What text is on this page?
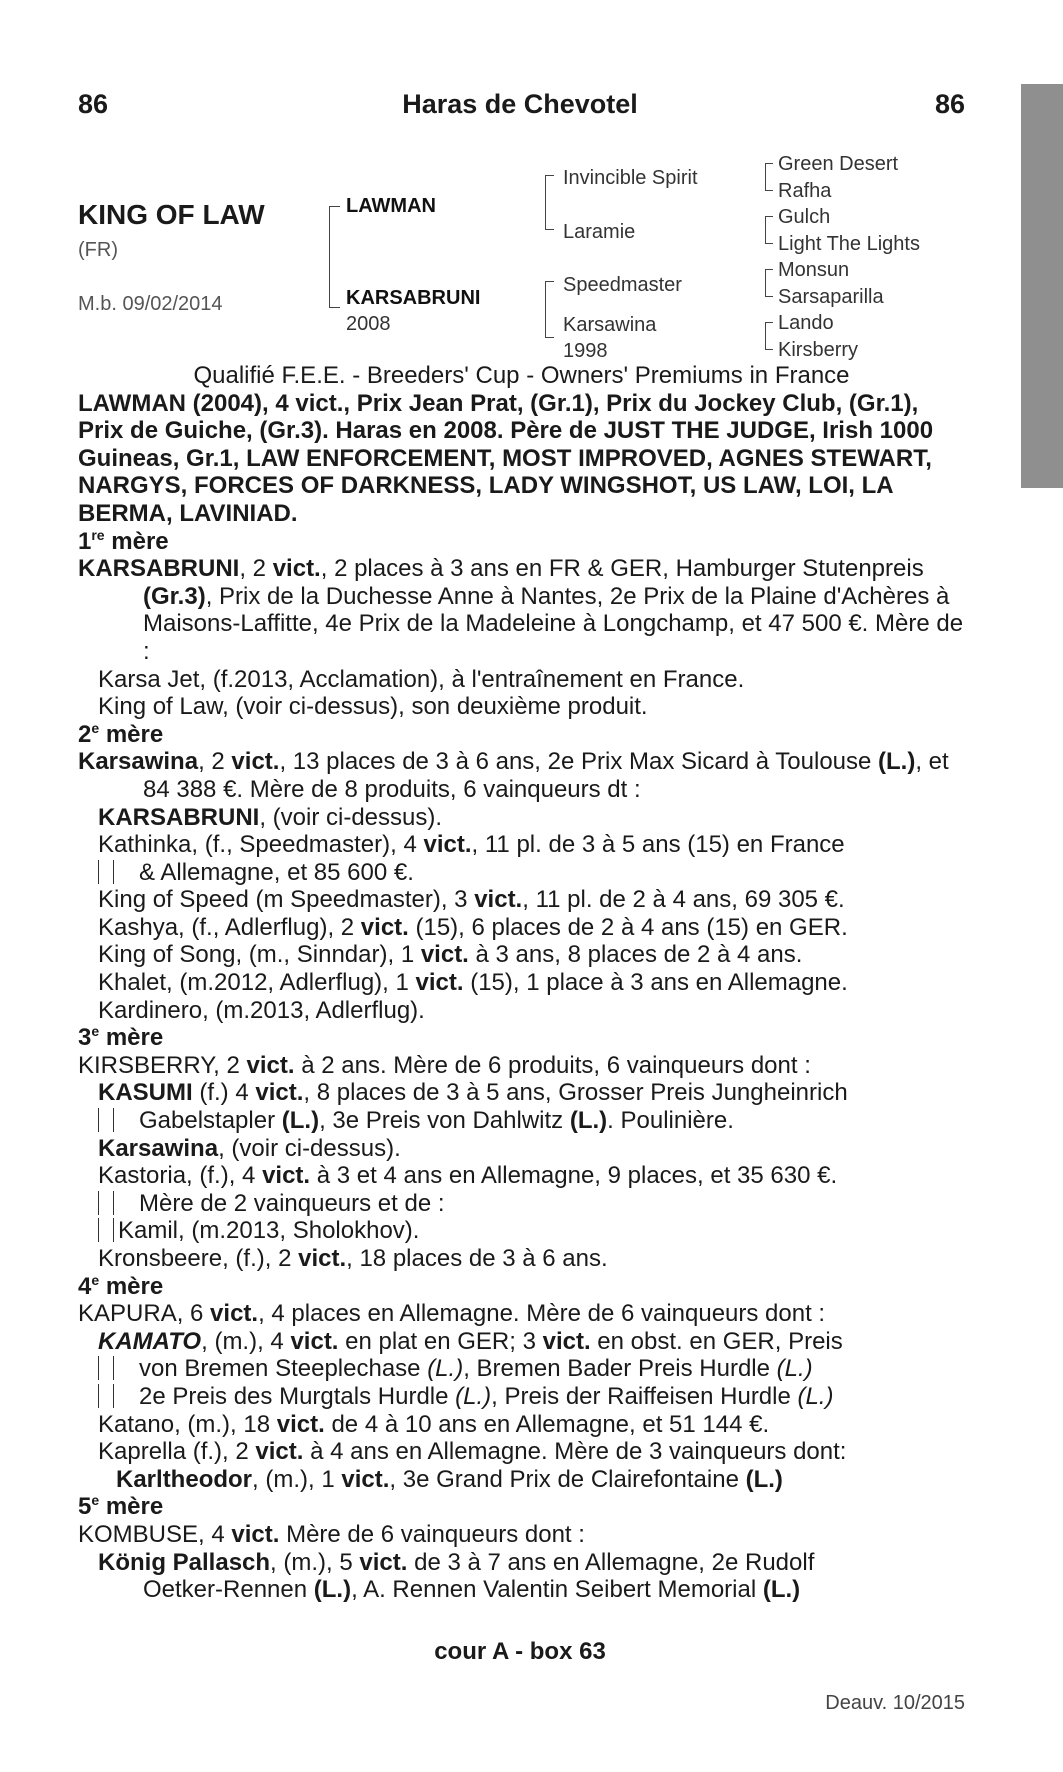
86	Haras de Chevotel	86
KING OF LAW
(FR)
M.b. 09/02/2014
LAWMAN
KARSABRUNI
2008
Invincible Spirit
Laramie
Speedmaster
Karsawina
1998
Green Desert
Rafha
Gulch
Light The Lights
Monsun
Sarsaparilla
Lando
Kirsberry

Qualifié F.E.E. - Breeders' Cup - Owners' Premiums in France

LAWMAN (2004), 4 vict., Prix Jean Prat, (Gr.1), Prix du Jockey Club, (Gr.1), Prix de Guiche, (Gr.3). Haras en 2008. Père de JUST THE JUDGE, Irish 1000 Guineas, Gr.1, LAW ENFORCEMENT, MOST IMPROVED, AGNES STEWART, NARGYS, FORCES OF DARKNESS, LADY WINGSHOT, US LAW, LOI, LA BERMA, LAVINIAD.

1re mère

KARSABRUNI, 2 vict., 2 places à 3 ans en FR & GER, Hamburger Stutenpreis (Gr.3), Prix de la Duchesse Anne à Nantes, 2e Prix de la Plaine d'Achères à Maisons-Laffitte, 4e Prix de la Madeleine à Longchamp, et 47 500 €. Mère de :

Karsa Jet, (f.2013, Acclamation), à l'entraînement en France.

King of Law, (voir ci-dessus), son deuxième produit.

2e mère

Karsawina, 2 vict., 13 places de 3 à 6 ans, 2e Prix Max Sicard à Toulouse (L.), et 84 388 €. Mère de 8 produits, 6 vainqueurs dt :

KARSABRUNI, (voir ci-dessus).

Kathinka, (f., Speedmaster), 4 vict., 11 pl. de 3 à 5 ans (15) en France

& Allemagne, et 85 600 €.

King of Speed (m Speedmaster), 3 vict., 11 pl. de 2 à 4 ans, 69 305 €.

Kashya, (f., Adlerflug), 2 vict. (15), 6 places de 2 à 4 ans (15) en GER.

King of Song, (m., Sinndar), 1 vict. à 3 ans, 8 places de 2 à 4 ans.

Khalet, (m.2012, Adlerflug), 1 vict. (15), 1 place à 3 ans en Allemagne.

Kardinero, (m.2013, Adlerflug).

3e mère

KIRSBERRY, 2 vict. à 2 ans. Mère de 6 produits, 6 vainqueurs dont :

KASUMI (f.) 4 vict., 8 places de 3 à 5 ans, Grosser Preis Jungheinrich

Gabelstapler (L.), 3e Preis von Dahlwitz (L.). Poulinière.

Karsawina, (voir ci-dessus).

Kastoria, (f.), 4 vict. à 3 et 4 ans en Allemagne, 9 places, et 35 630 €.

Mère de 2 vainqueurs et de :

Kamil, (m.2013, Sholokhov).

Kronsbeere, (f.), 2 vict., 18 places de 3 à 6 ans.

4e mère

KAPURA, 6 vict., 4 places en Allemagne. Mère de 6 vainqueurs dont :

KAMATO, (m.), 4 vict. en plat en GER; 3 vict. en obst. en GER, Preis

von Bremen Steeplechase (L.), Bremen Bader Preis Hurdle (L.)

2e Preis des Murgtals Hurdle (L.), Preis der Raiffeisen Hurdle (L.)

Katano, (m.), 18 vict. de 4 à 10 ans en Allemagne, et 51 144 €.

Kaprella (f.), 2 vict. à 4 ans en Allemagne. Mère de 3 vainqueurs dont:

Karltheodor, (m.), 1 vict., 3e Grand Prix de Clairefontaine (L.)

5e mère

KOMBUSE, 4 vict. Mère de 6 vainqueurs dont :

König Pallasch, (m.), 5 vict. de 3 à 7 ans en Allemagne, 2e Rudolf

Oetker-Rennen (L.), A. Rennen Valentin Seibert Memorial (L.)

cour A - box 63
Deauv. 10/2015
